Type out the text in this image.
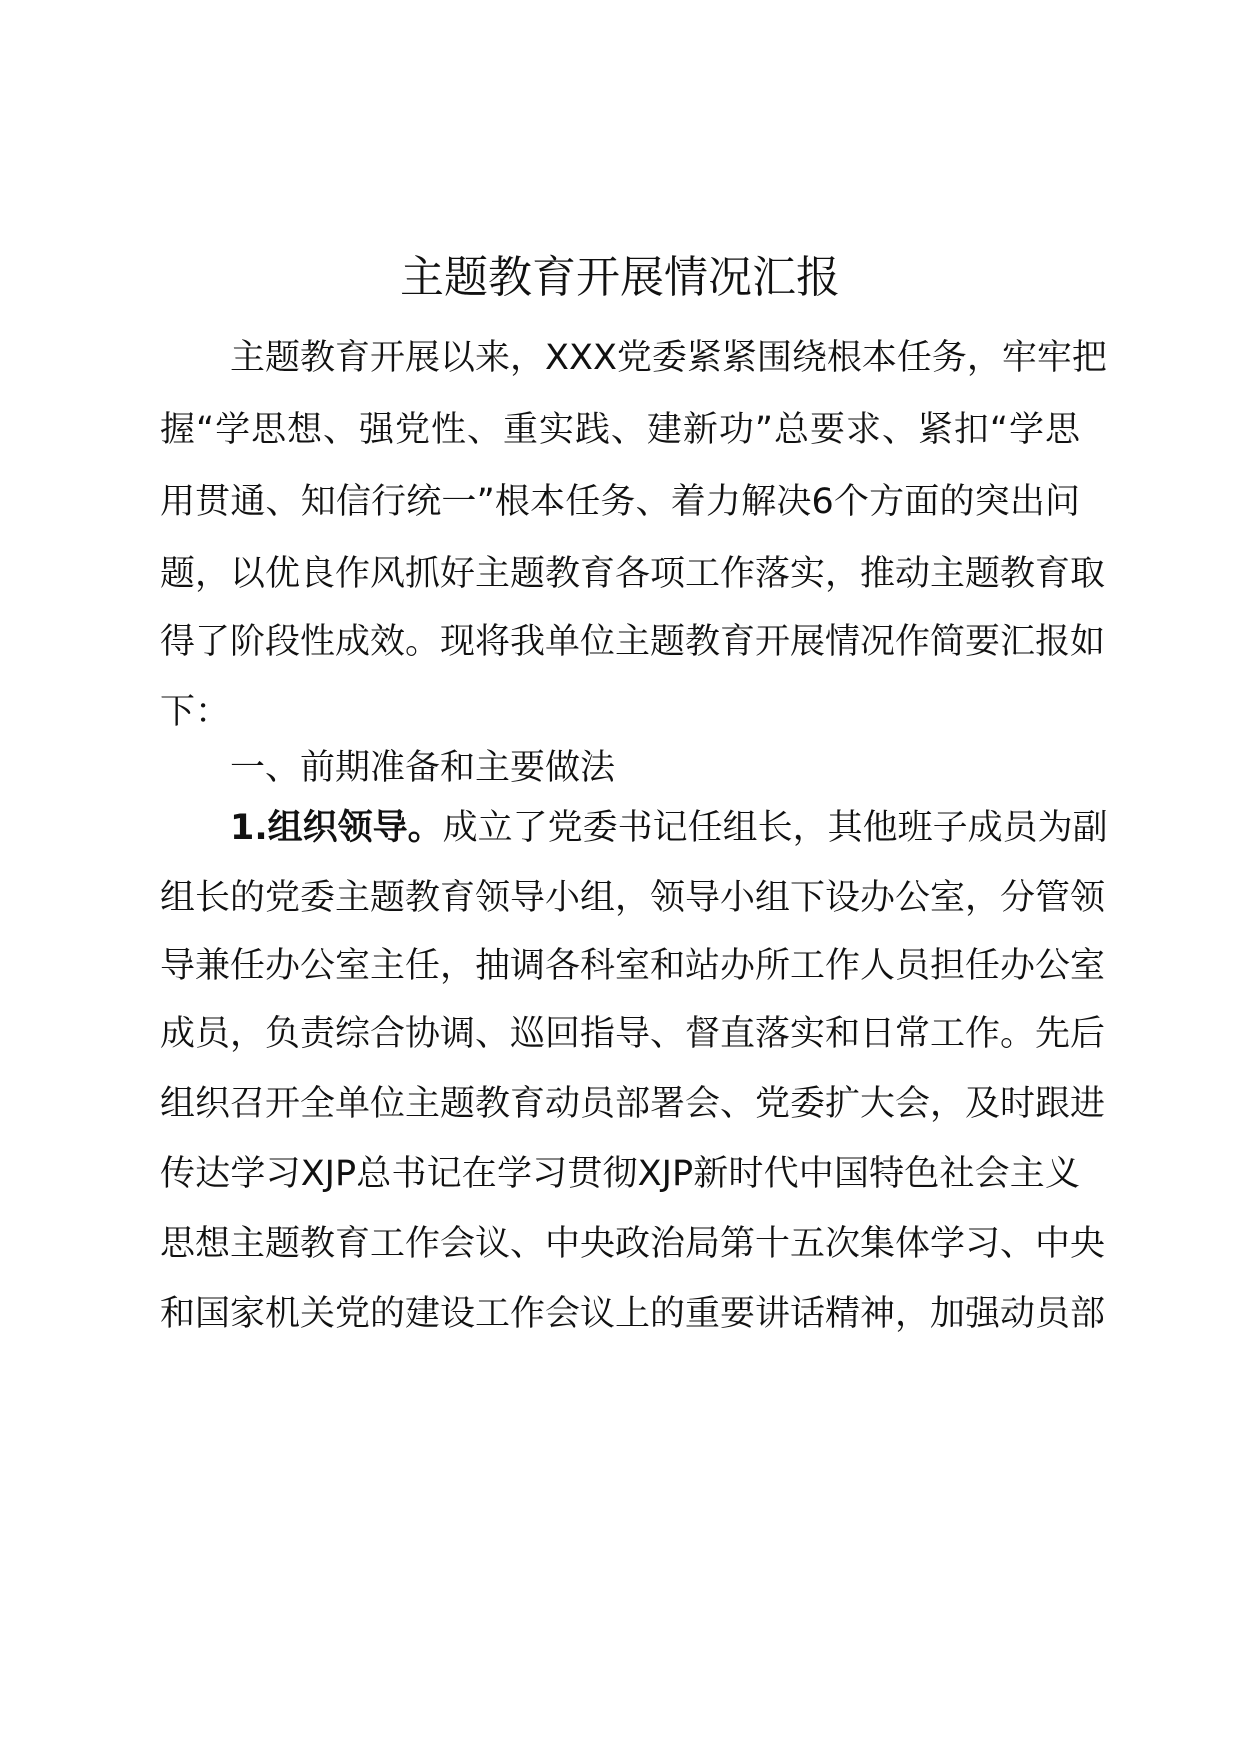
主题教育开展情况汇报

主题教育开展以来，XXX党委紧紧围绕根本任务，牢牢把

握“学思想、强党性、重实践、建新功”总要求、紧扣“学思

用贯通、知信行统一”根本任务、着力解决6个方面的突出问

题，以优良作风抓好主题教育各项工作落实，推动主题教育取

得了阶段性成效。现将我单位主题教育开展情况作简要汇报如

下：

一、前期准备和主要做法

1.组织领导。成立了党委书记任组长，其他班子成员为副

组长的党委主题教育领导小组，领导小组下设办公室，分管领

导兼任办公室主任，抽调各科室和站办所工作人员担任办公室

成员，负责综合协调、巡回指导、督直落实和日常工作。先后

组织召开全单位主题教育动员部署会、党委扩大会，及时跟进

传达学习XJP总书记在学习贯彻XJP新时代中国特色社会主义

思想主题教育工作会议、中央政治局第十五次集体学习、中央

和国家机关党的建设工作会议上的重要讲话精神，加强动员部
